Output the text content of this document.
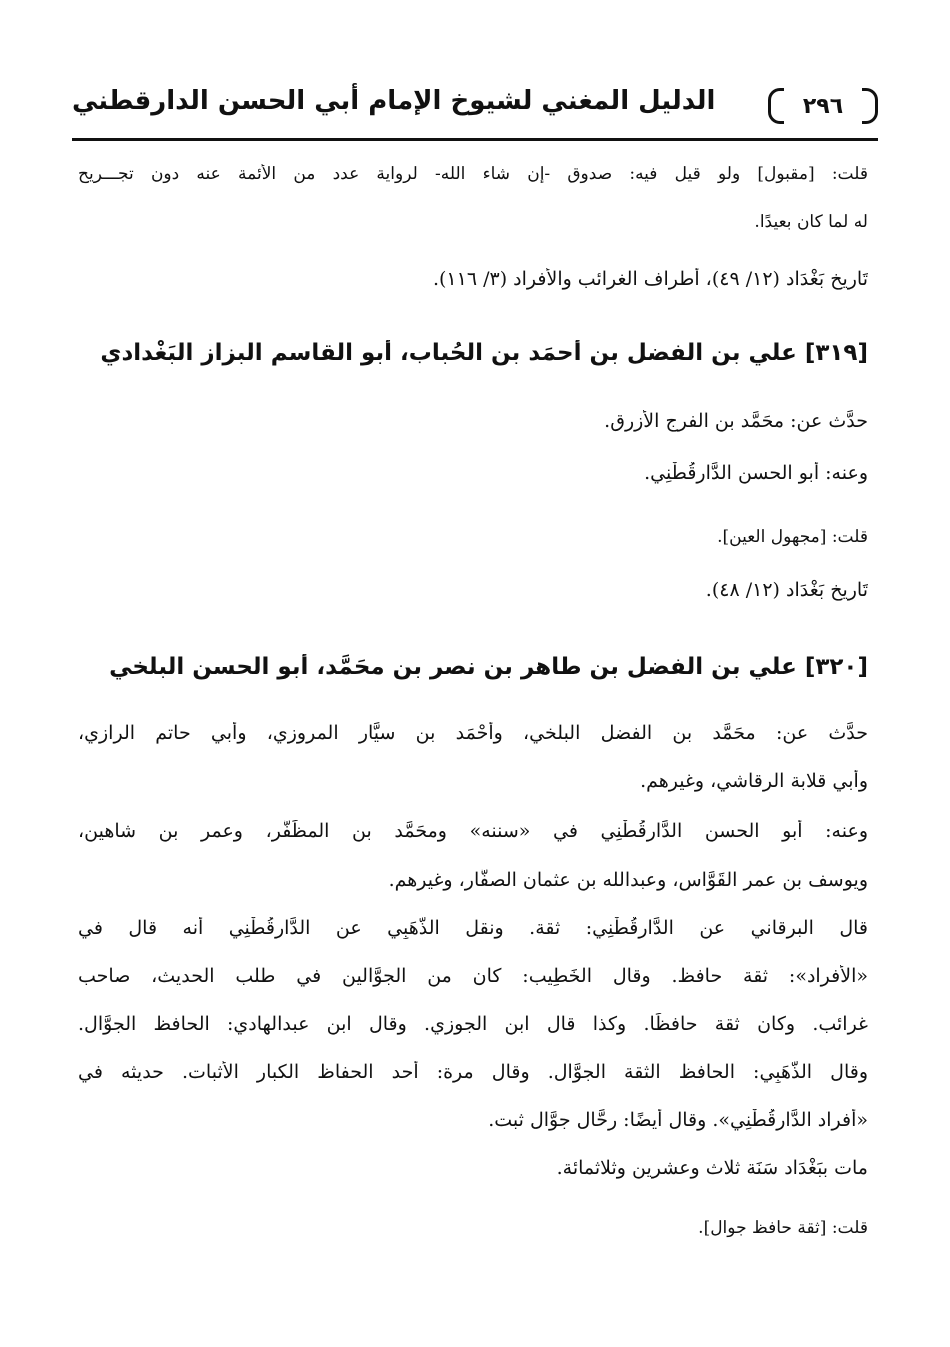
٢٩٦
الدليل المغني لشيوخ الإمام أبي الحسن الدارقطني
قلت: [مقبول] ولو قيل فيه: صدوق -إن شاء الله- لرواية عدد من الأئمة عنه دون تجـــريح
له لما كان بعيدًا.
تَارِيخ بَغْدَاد (١٢/ ٤٩)، أطراف الغرائب والأفراد (٣/ ١١٦).
[٣١٩] علي بن الفضل بن أحمَد بن الحُباب، أبو القاسم البزاز البَغْدادي
حدَّث عن: محَمَّد بن الفرج الأزرق.
وعنه: أبو الحسن الدَّارقُطْنِي.
قلت: [مجهول العين].
تَارِيخ بَغْدَاد (١٢/ ٤٨).
[٣٢٠] علي بن الفضل بن طاهر بن نصر بن محَمَّد، أبو الحسن البلخي
حدَّث عن: محَمَّد بن الفضل البلخي، وأحْمَد بن سيَّار المروزي، وأبي حاتم الرازي،
وأبي قلابة الرقاشي، وغيرهم.
وعنه: أبو الحسن الدَّارقُطْنِي في «سننه» ومحَمَّد بن المظَفَّر، وعمر بن شاهين،
ويوسف بن عمر القَوَّاس، وعبدالله بن عثمان الصفَّار، وغيرهم.
قال البرقاني عن الدَّارقُطْنِي: ثقة. ونقل الذَّهَبِي عن الدَّارقُطْنِي أنه قال في
«الأفراد»: ثقة حافظ. وقال الخَطِيب: كان من الجوَّالين في طلب الحديث، صاحب
غرائب. وكان ثقة حافظًا. وكذا قال ابن الجوزي. وقال ابن عبدالهادي: الحافظ الجوَّال.
وقال الذَّهَبِي: الحافظ الثقة الجوَّال. وقال مرة: أحد الحفاظ الكبار الأثبات. حديثه في
«أفراد الدَّارقُطْنِي». وقال أيضًا: رحَّال جوَّال ثبت.
مات ببَغْدَاد سَنَة ثلاث وعشرين وثلاثمائة.
قلت: [ثقة حافظ جوال].
